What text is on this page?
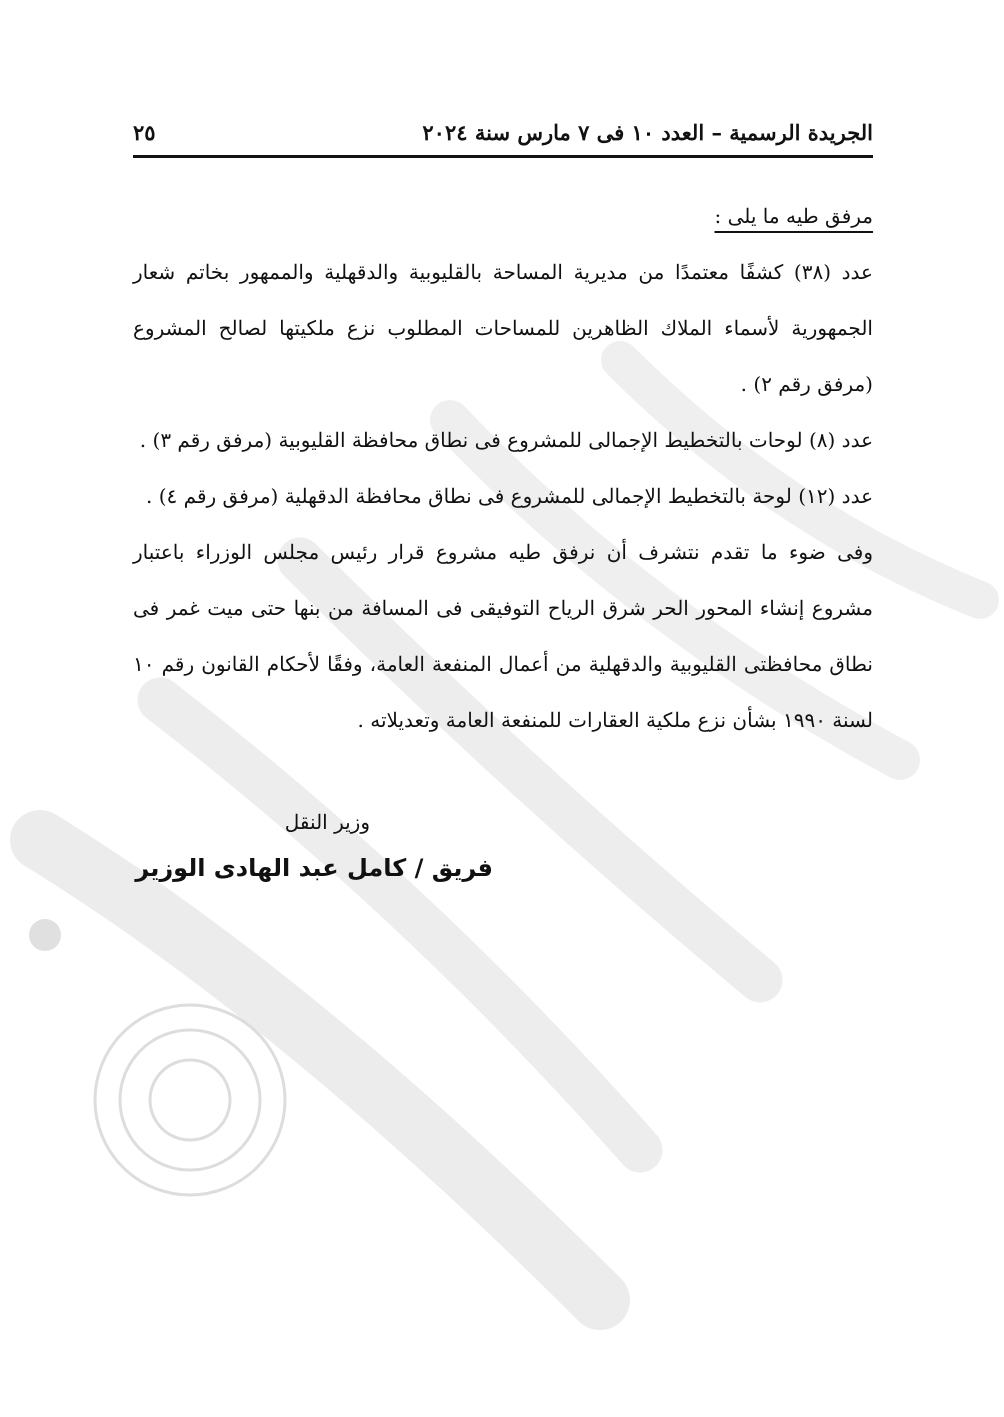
الجريدة الرسمية – العدد ١٠ فى ٧ مارس سنة ٢٠٢٤
٢٥
مرفق طيه ما يلى :
عدد (٣٨) كشفًا معتمدًا من مديرية المساحة بالقليوبية والدقهلية والممهور بخاتم شعار الجمهورية لأسماء الملاك الظاهرين للمساحات المطلوب نزع ملكيتها لصالح المشروع (مرفق رقم ٢) .
عدد (٨) لوحات بالتخطيط الإجمالى للمشروع فى نطاق محافظة القليوبية (مرفق رقم ٣) .
عدد (١٢) لوحة بالتخطيط الإجمالى للمشروع فى نطاق محافظة الدقهلية (مرفق رقم ٤) .
وفى ضوء ما تقدم نتشرف أن نرفق طيه مشروع قرار رئيس مجلس الوزراء باعتبار مشروع إنشاء المحور الحر شرق الرياح التوفيقى فى المسافة من بنها حتى ميت غمر فى نطاق محافظتى القليوبية والدقهلية من أعمال المنفعة العامة، وفقًا لأحكام القانون رقم ١٠ لسنة ١٩٩٠ بشأن نزع ملكية العقارات للمنفعة العامة وتعديلاته .
وزير النقل
فريق / كامل عبد الهادى الوزير
